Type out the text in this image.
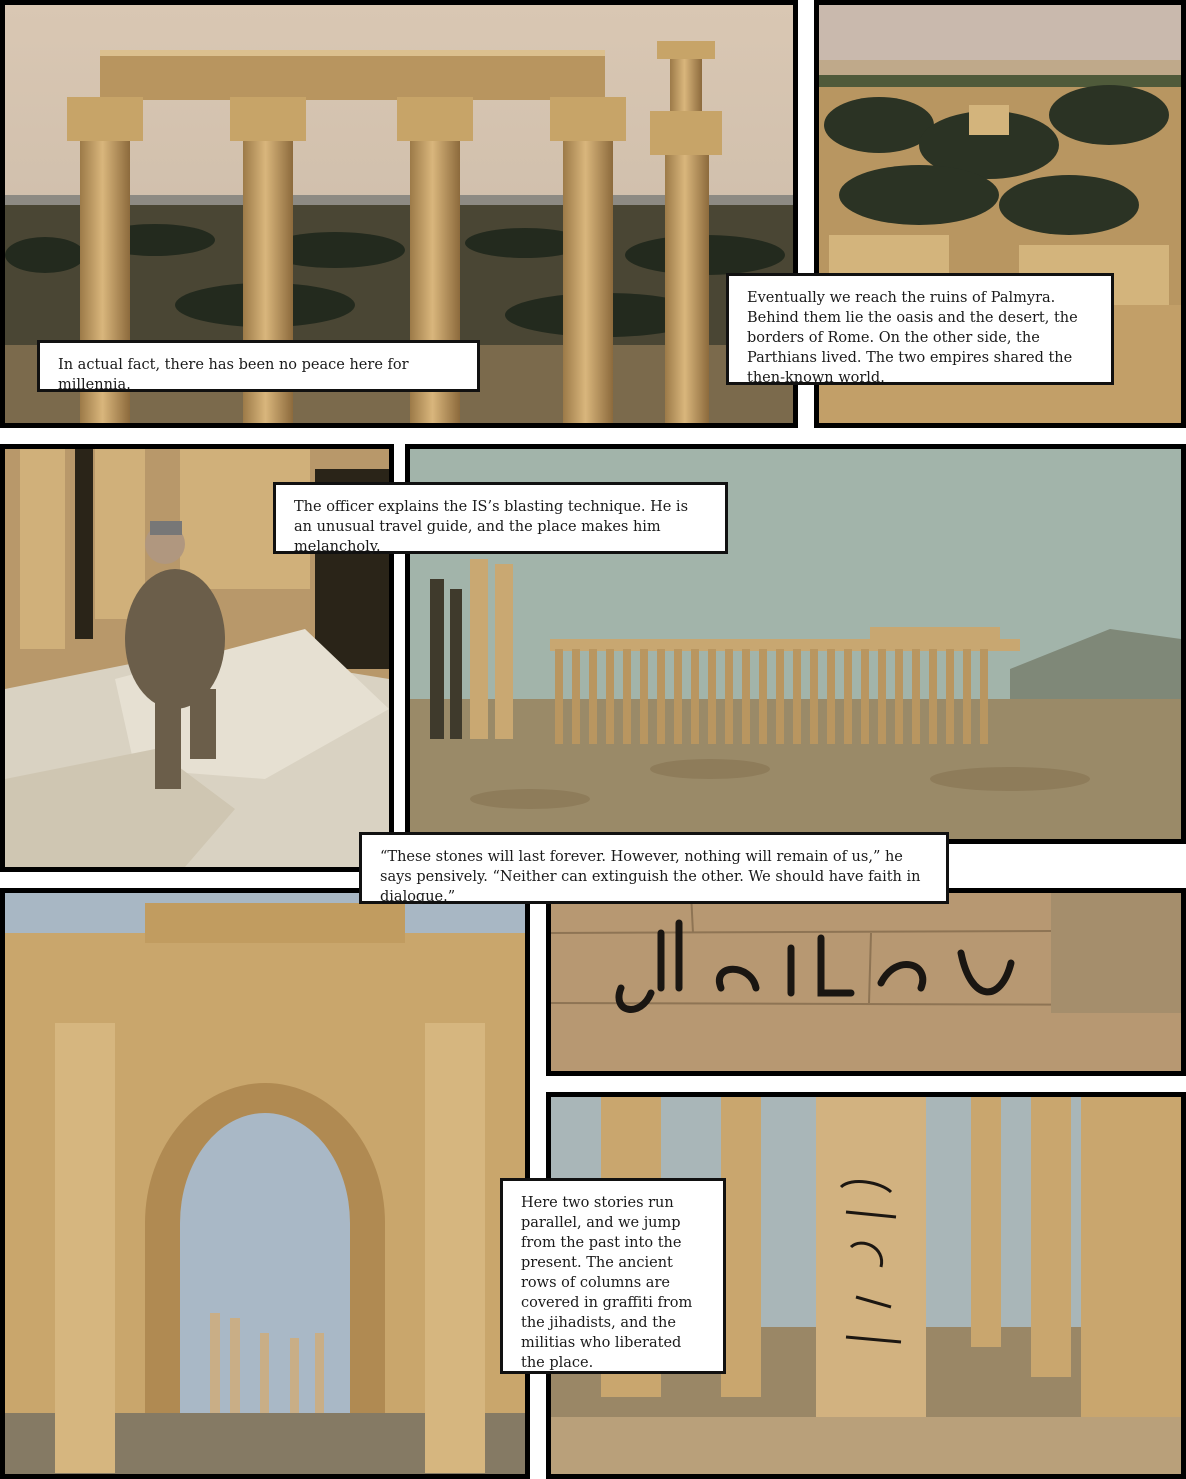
In actual fact, there has been no peace here for millennia.
Eventually we reach the ruins of Palmyra. Behind them lie the oasis and the desert, the borders of Rome. On the other side, the Parthians lived. The two empires shared the then-known world.
The officer explains the IS’s blasting technique. He is an unusual travel guide, and the place makes him melancholy.
“These stones will last forever. However, nothing will remain of us,” he says pensively. “Neither can extinguish the other. We should have faith in dialogue.”
Here two stories run parallel, and we jump from the past into the present. The ancient rows of columns are covered in graffiti from the jihadists, and the militias who liberated the place.
